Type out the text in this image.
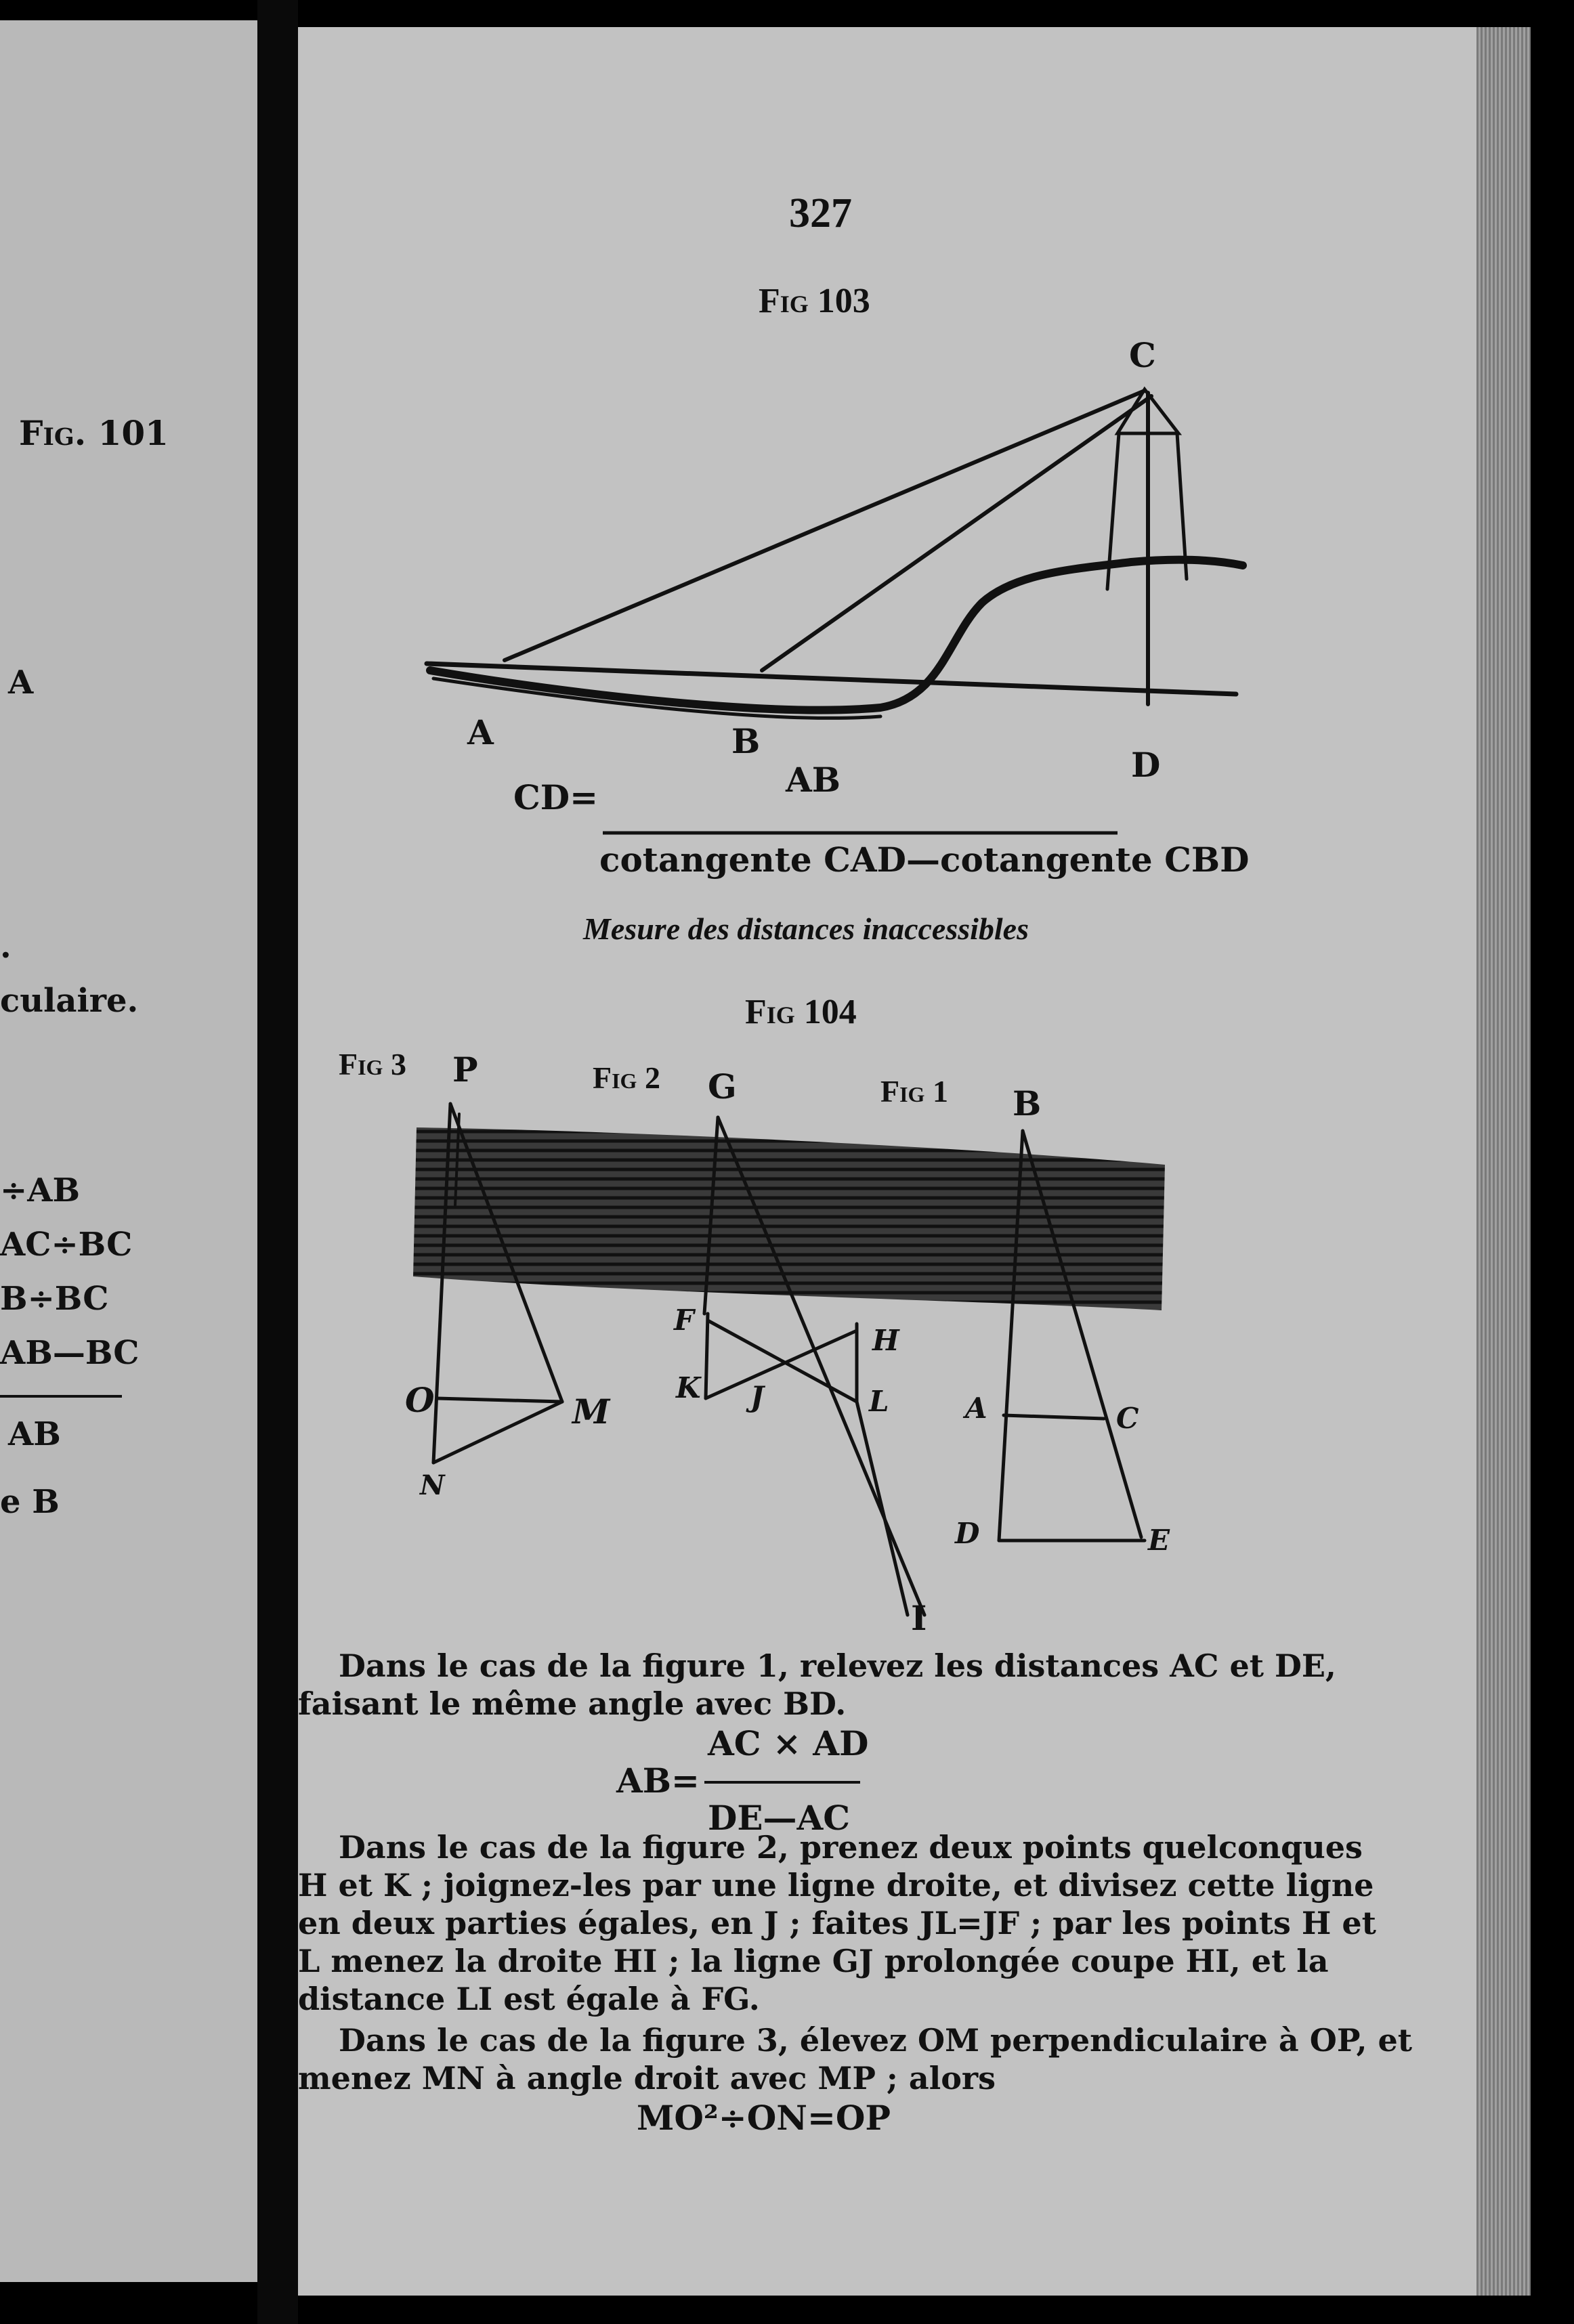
Fig. 101
A
.
culaire.
÷AB
AC÷BC
B÷BC
AB—BC
AB
e B
327
Fig 103
C
A	B
D
CD=	AB
cotangente CAD—cotangente CBD
Mesure des distances inaccessibles
Fig 104
Fig 3	Fig 2	Fig 1
P
O	M
N
G
F
H
K J	L
I
B
A	C
D	E
Dans le cas de la figure 1, relevez les distances AC et DE,
faisant le même angle avec BD.
AB=
AC × AD
DE—AC
Dans le cas de la figure 2, prenez deux points quelconques
H et K ; joignez-les par une ligne droite, et divisez cette ligne
en deux parties égales, en J ; faites JL=JF ; par les points H et
L menez la droite HI ; la ligne GJ prolongée coupe HI, et la
distance LI est égale à FG.
Dans le cas de la figure 3, élevez OM perpendiculaire à OP, et
menez MN à angle droit avec MP ; alors
MO²÷ON=OP
